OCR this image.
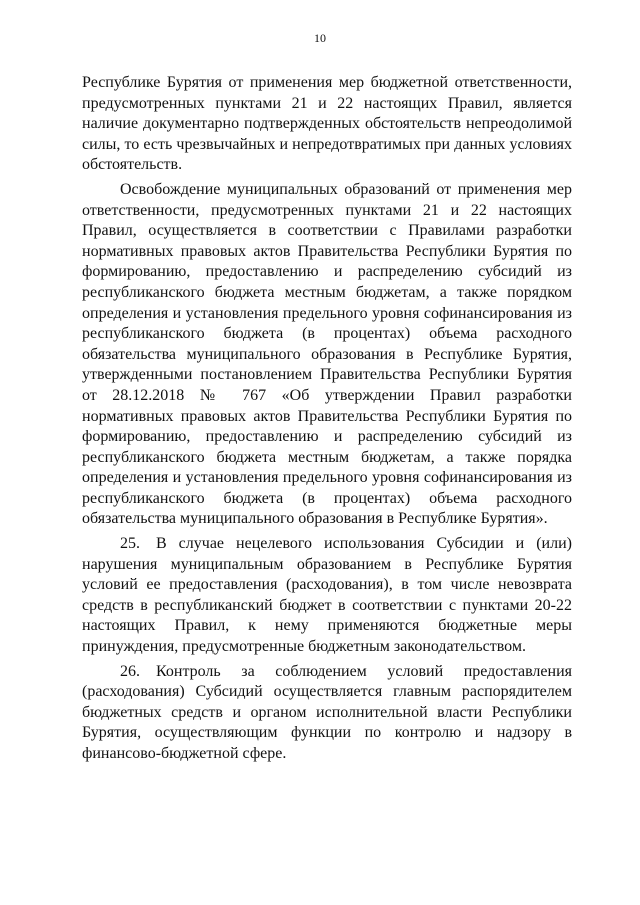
10

Республике Бурятия от применения мер бюджетной ответственности, предусмотренных пунктами 21 и 22 настоящих Правил, является наличие документарно подтвержденных обстоятельств непреодолимой силы, то есть чрезвычайных и непредотвратимых при данных условиях обстоятельств.

Освобождение муниципальных образований от применения мер ответственности, предусмотренных пунктами 21 и 22 настоящих Правил, осуществляется в соответствии с Правилами разработки нормативных правовых актов Правительства Республики Бурятия по формированию, предоставлению и распределению субсидий из республиканского бюджета местным бюджетам, а также порядком определения и установления предельного уровня софинансирования из республиканского бюджета (в процентах) объема расходного обязательства муниципального образования в Республике Бурятия, утвержденными постановлением Правительства Республики Бурятия от 28.12.2018 № 767 «Об утверждении Правил разработки нормативных правовых актов Правительства Республики Бурятия по формированию, предоставлению и распределению субсидий из республиканского бюджета местным бюджетам, а также порядка определения и установления предельного уровня софинансирования из республиканского бюджета (в процентах) объема расходного обязательства муниципального образования в Республике Бурятия».

25. В случае нецелевого использования Субсидии и (или) нарушения муниципальным образованием в Республике Бурятия условий ее предоставления (расходования), в том числе невозврата средств в республиканский бюджет в соответствии с пунктами 20-22 настоящих Правил, к нему применяются бюджетные меры принуждения, предусмотренные бюджетным законодательством.

26. Контроль за соблюдением условий предоставления (расходования) Субсидий осуществляется главным распорядителем бюджетных средств и органом исполнительной власти Республики Бурятия, осуществляющим функции по контролю и надзору в финансово-бюджетной сфере.
